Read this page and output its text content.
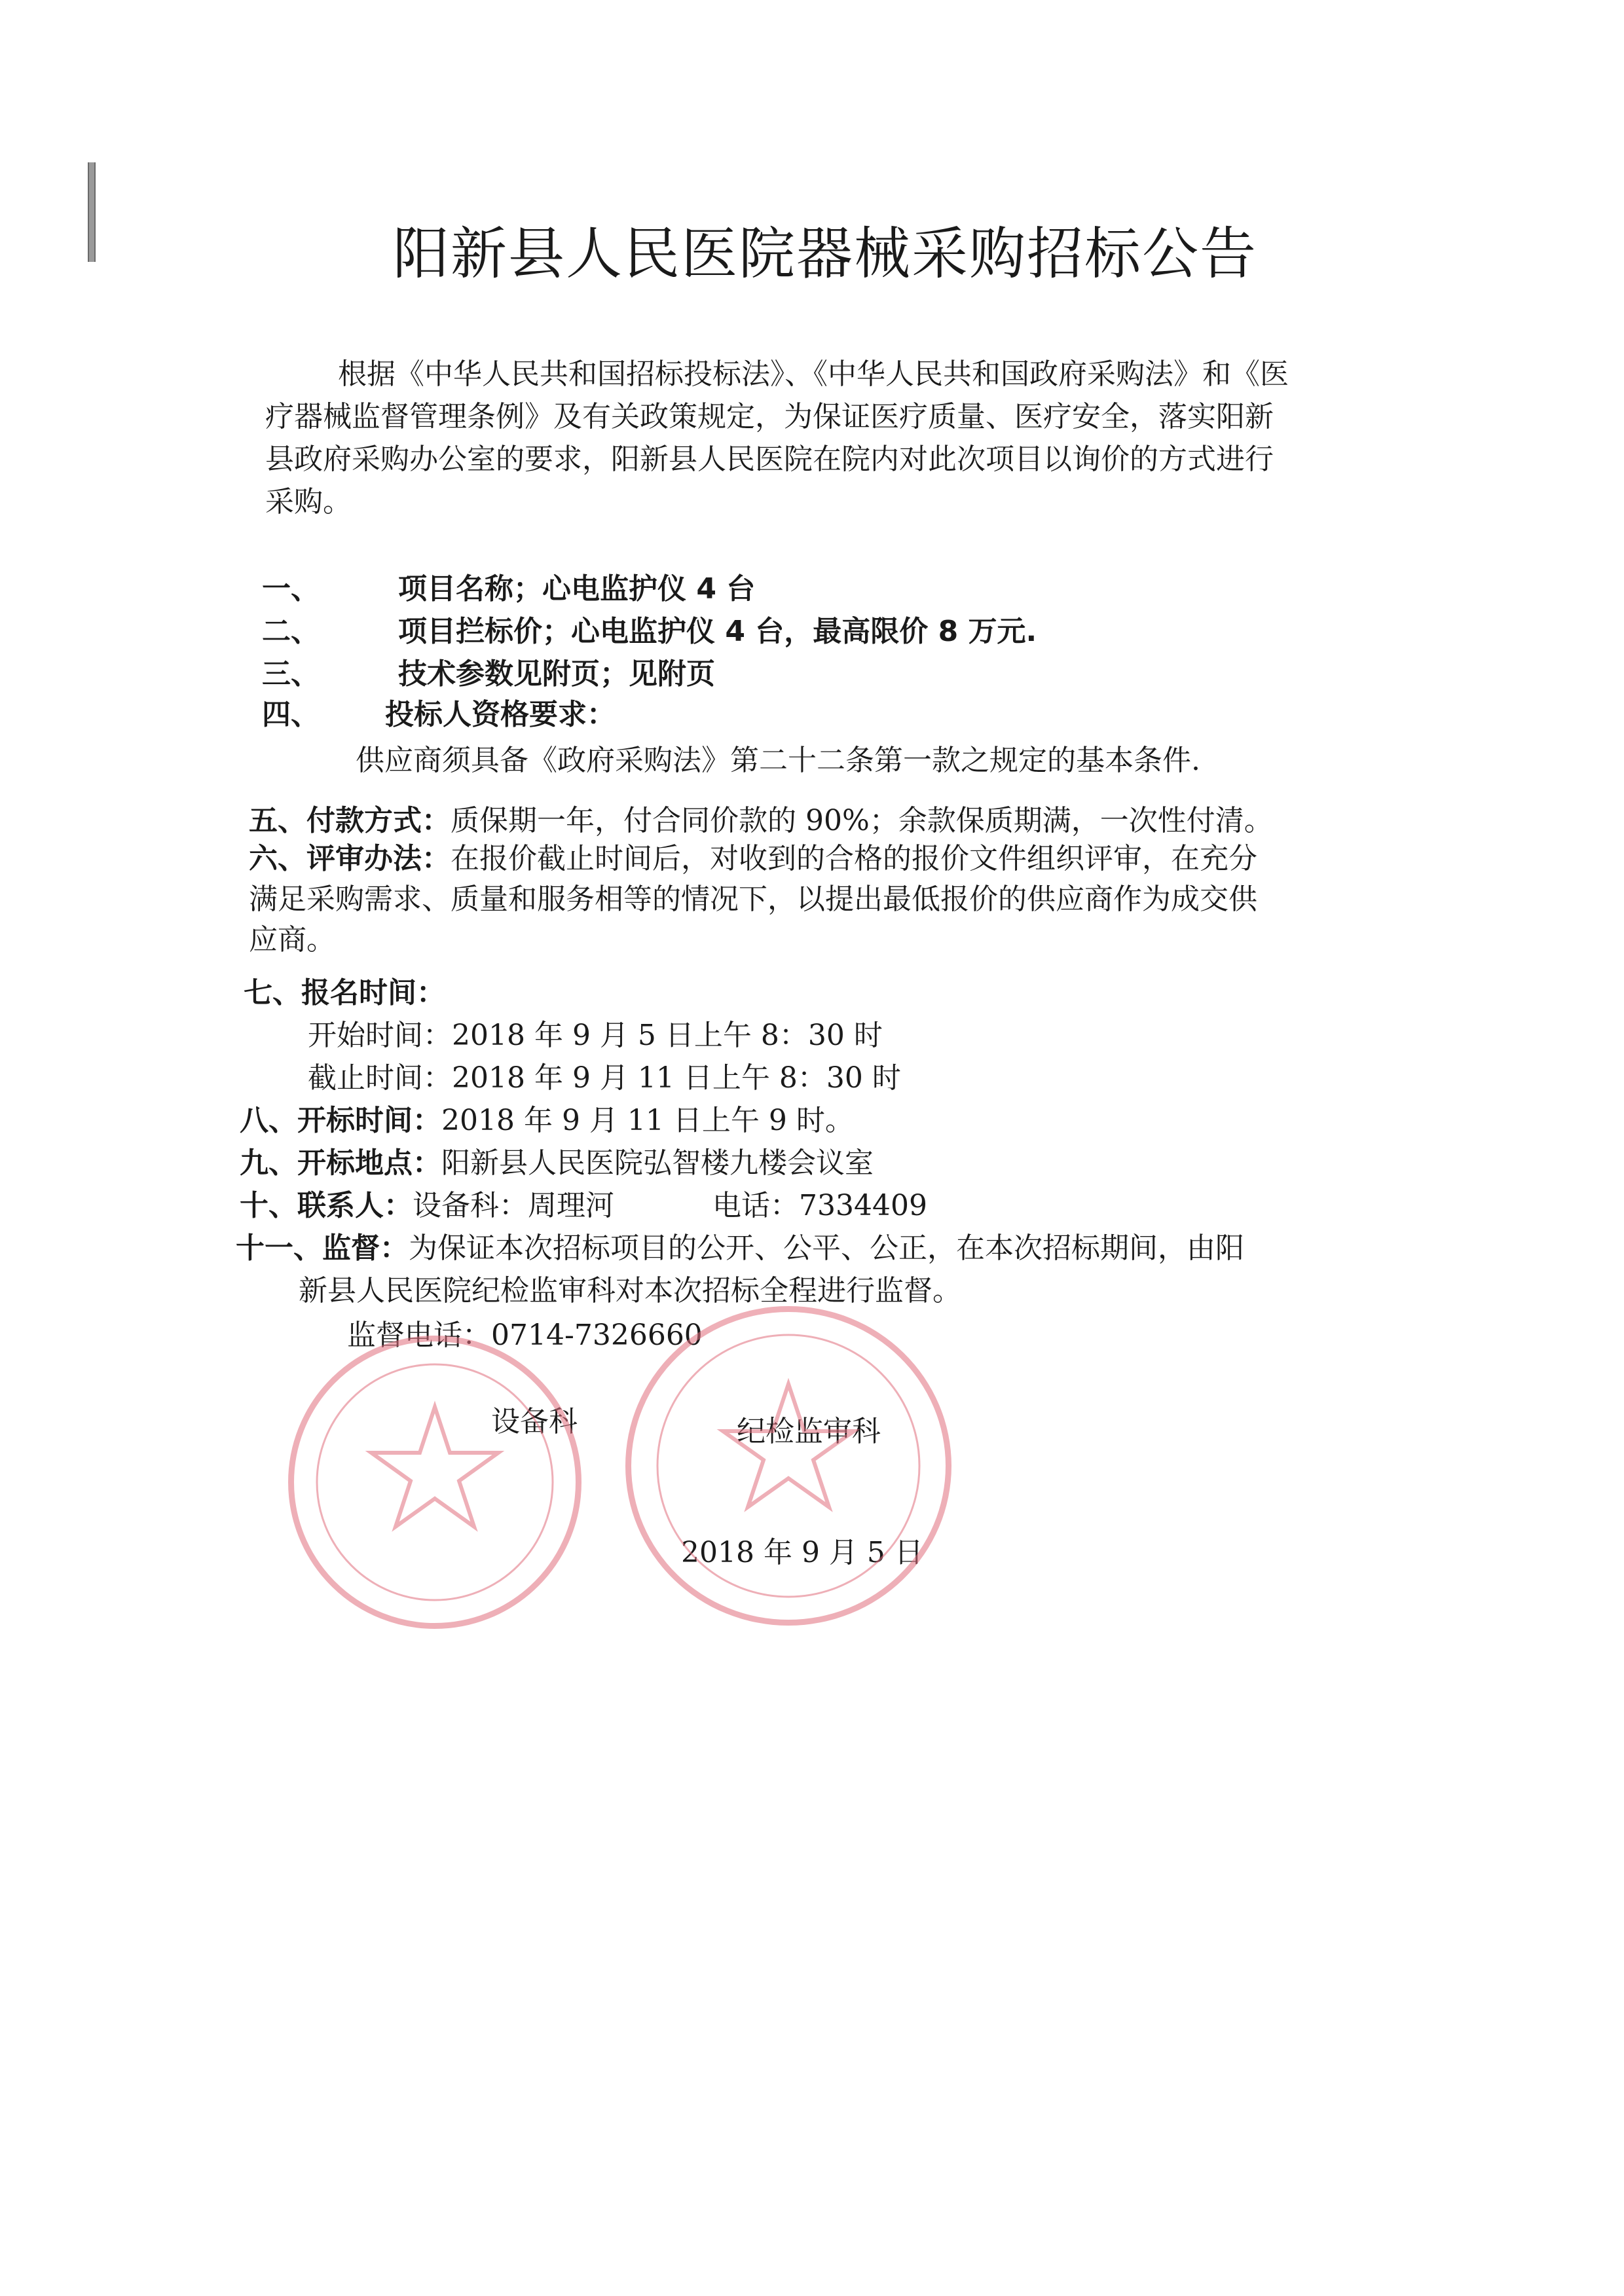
阳新县人民医院器械采购招标公告
根据《中华人民共和国招标投标法》、《中华人民共和国政府采购法》和《医
疗器械监督管理条例》及有关政策规定，为保证医疗质量、医疗安全，落实阳新
县政府采购办公室的要求，阳新县人民医院在院内对此次项目以询价的方式进行
采购。
一、	项目名称；心电监护仪 4 台
二、	项目拦标价；心电监护仪 4 台，最高限价 8 万元.
三、	技术参数见附页；见附页
四、 投标人资格要求：
供应商须具备《政府采购法》第二十二条第一款之规定的基本条件.
五、付款方式：质保期一年，付合同价款的 90%；余款保质期满，一次性付清。
六、评审办法：在报价截止时间后，对收到的合格的报价文件组织评审，在充分
满足采购需求、质量和服务相等的情况下，以提出最低报价的供应商作为成交供
应商。
七、报名时间：
开始时间：2018 年 9 月 5 日上午 8：30 时
截止时间：2018 年 9 月 11 日上午 8：30 时
八、开标时间：2018 年 9 月 11 日上午 9 时。
九、开标地点：阳新县人民医院弘智楼九楼会议室
十、联系人：设备科：周理河	电话：7334409
十一、监督：为保证本次招标项目的公开、公平、公正，在本次招标期间，由阳
新县人民医院纪检监审科对本次招标全程进行监督。
监督电话：0714-7326660
设备科	纪检监审科
2018 年 9 月 5 日
